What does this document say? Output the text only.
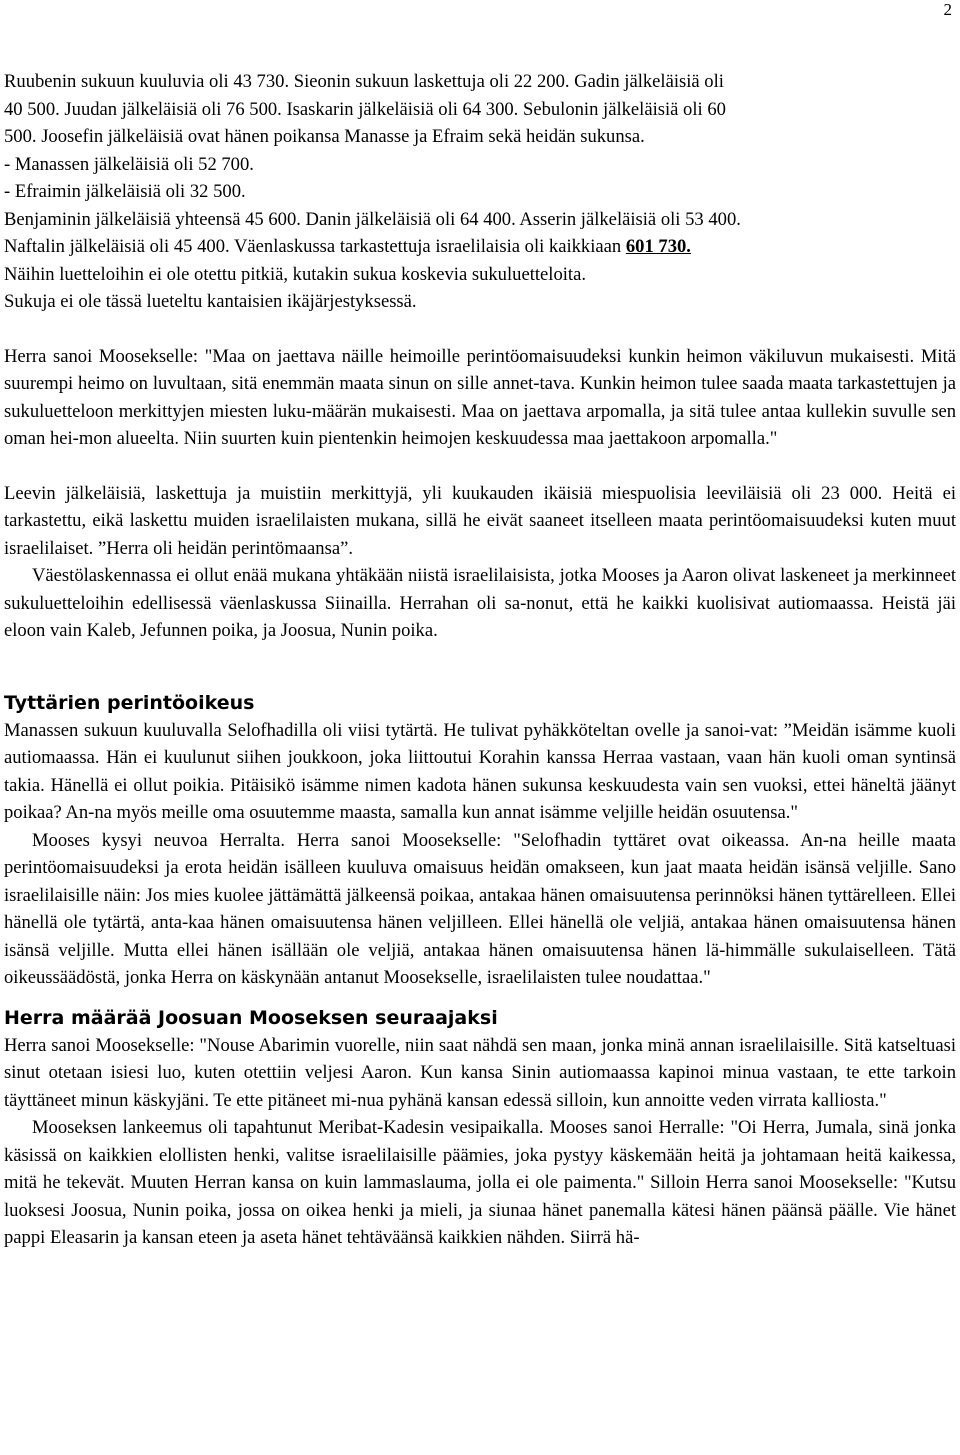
2

Ruubenin sukuun kuuluvia oli 43 730. Sieonin sukuun laskettuja oli 22 200. Gadin jälkeläisiä oli

40 500. Juudan jälkeläisiä oli 76 500. Isaskarin jälkeläisiä oli 64 300. Sebulonin jälkeläisiä oli 60

500. Joosefin jälkeläisiä ovat hänen poikansa Manasse ja Efraim sekä heidän sukunsa.

- Manassen jälkeläisiä oli 52 700.

- Efraimin jälkeläisiä oli 32 500.

Benjaminin jälkeläisiä yhteensä 45 600. Danin jälkeläisiä oli 64 400. Asserin jälkeläisiä oli 53 400.

Naftalin jälkeläisiä oli 45 400. Väenlaskussa tarkastettuja israelilaisia oli kaikkiaan 601 730.

Näihin luetteloihin ei ole otettu pitkiä, kutakin sukua koskevia sukuluetteloita.

Sukuja ei ole tässä lueteltu kantaisien ikäjärjestyksessä.

Herra sanoi Moosekselle: "Maa on jaettava näille heimoille perintöomaisuudeksi kunkin heimon väkiluvun mukaisesti. Mitä suurempi heimo on luvultaan, sitä enemmän maata sinun on sille annet-tava. Kunkin heimon tulee saada maata tarkastettujen ja sukuluetteloon merkittyjen miesten luku-määrän mukaisesti. Maa on jaettava arpomalla, ja sitä tulee antaa kullekin suvulle sen oman hei-mon alueelta. Niin suurten kuin pientenkin heimojen keskuudessa maa jaettakoon arpomalla."

Leevin jälkeläisiä, laskettuja ja muistiin merkittyjä, yli kuukauden ikäisiä miespuolisia leeviläisiä oli 23 000. Heitä ei tarkastettu, eikä laskettu muiden israelilaisten mukana, sillä he eivät saaneet itselleen maata perintöomaisuudeksi kuten muut israelilaiset. ”Herra oli heidän perintömaansa”.

Väestölaskennassa ei ollut enää mukana yhtäkään niistä israelilaisista, jotka Mooses ja Aaron olivat laskeneet ja merkinneet sukuluetteloihin edellisessä väenlaskussa Siinailla. Herrahan oli sa-nonut, että he kaikki kuolisivat autiomaassa. Heistä jäi eloon vain Kaleb, Jefunnen poika, ja Joosua, Nunin poika.

Tyttärien perintöoikeus

Manassen sukuun kuuluvalla Selofhadilla oli viisi tytärtä. He tulivat pyhäkköteltan ovelle ja sanoi-vat: ”Meidän isämme kuoli autiomaassa. Hän ei kuulunut siihen joukkoon, joka liittoutui Korahin kanssa Herraa vastaan, vaan hän kuoli oman syntinsä takia. Hänellä ei ollut poikia. Pitäisikö isämme nimen kadota hänen sukunsa keskuudesta vain sen vuoksi, ettei häneltä jäänyt poikaa? An-na myös meille oma osuutemme maasta, samalla kun annat isämme veljille heidän osuutensa."

Mooses kysyi neuvoa Herralta. Herra sanoi Moosekselle: "Selofhadin tyttäret ovat oikeassa. An-na heille maata perintöomaisuudeksi ja erota heidän isälleen kuuluva omaisuus heidän omakseen, kun jaat maata heidän isänsä veljille. Sano israelilaisille näin: Jos mies kuolee jättämättä jälkeensä poikaa, antakaa hänen omaisuutensa perinnöksi hänen tyttärelleen. Ellei hänellä ole tytärtä, anta-kaa hänen omaisuutensa hänen veljilleen. Ellei hänellä ole veljiä, antakaa hänen omaisuutensa hänen isänsä veljille. Mutta ellei hänen isällään ole veljiä, antakaa hänen omaisuutensa hänen lä-himmälle sukulaiselleen. Tätä oikeussäädöstä, jonka Herra on käskynään antanut Moosekselle, israelilaisten tulee noudattaa."

Herra määrää Joosuan Mooseksen seuraajaksi

Herra sanoi Moosekselle: "Nouse Abarimin vuorelle, niin saat nähdä sen maan, jonka minä annan israelilaisille. Sitä katseltuasi sinut otetaan isiesi luo, kuten otettiin veljesi Aaron. Kun kansa Sinin autiomaassa kapinoi minua vastaan, te ette tarkoin täyttäneet minun käskyjäni. Te ette pitäneet mi-nua pyhänä kansan edessä silloin, kun annoitte veden virrata kalliosta."

Mooseksen lankeemus oli tapahtunut Meribat-Kadesin vesipaikalla. Mooses sanoi Herralle: "Oi Herra, Jumala, sinä jonka käsissä on kaikkien elollisten henki, valitse israelilaisille päämies, joka pystyy käskemään heitä ja johtamaan heitä kaikessa, mitä he tekevät. Muuten Herran kansa on kuin lammaslauma, jolla ei ole paimenta." Silloin Herra sanoi Moosekselle: "Kutsu luoksesi Joosua, Nunin poika, jossa on oikea henki ja mieli, ja siunaa hänet panemalla kätesi hänen päänsä päälle. Vie hänet pappi Eleasarin ja kansan eteen ja aseta hänet tehtäväänsä kaikkien nähden. Siirrä hä-
